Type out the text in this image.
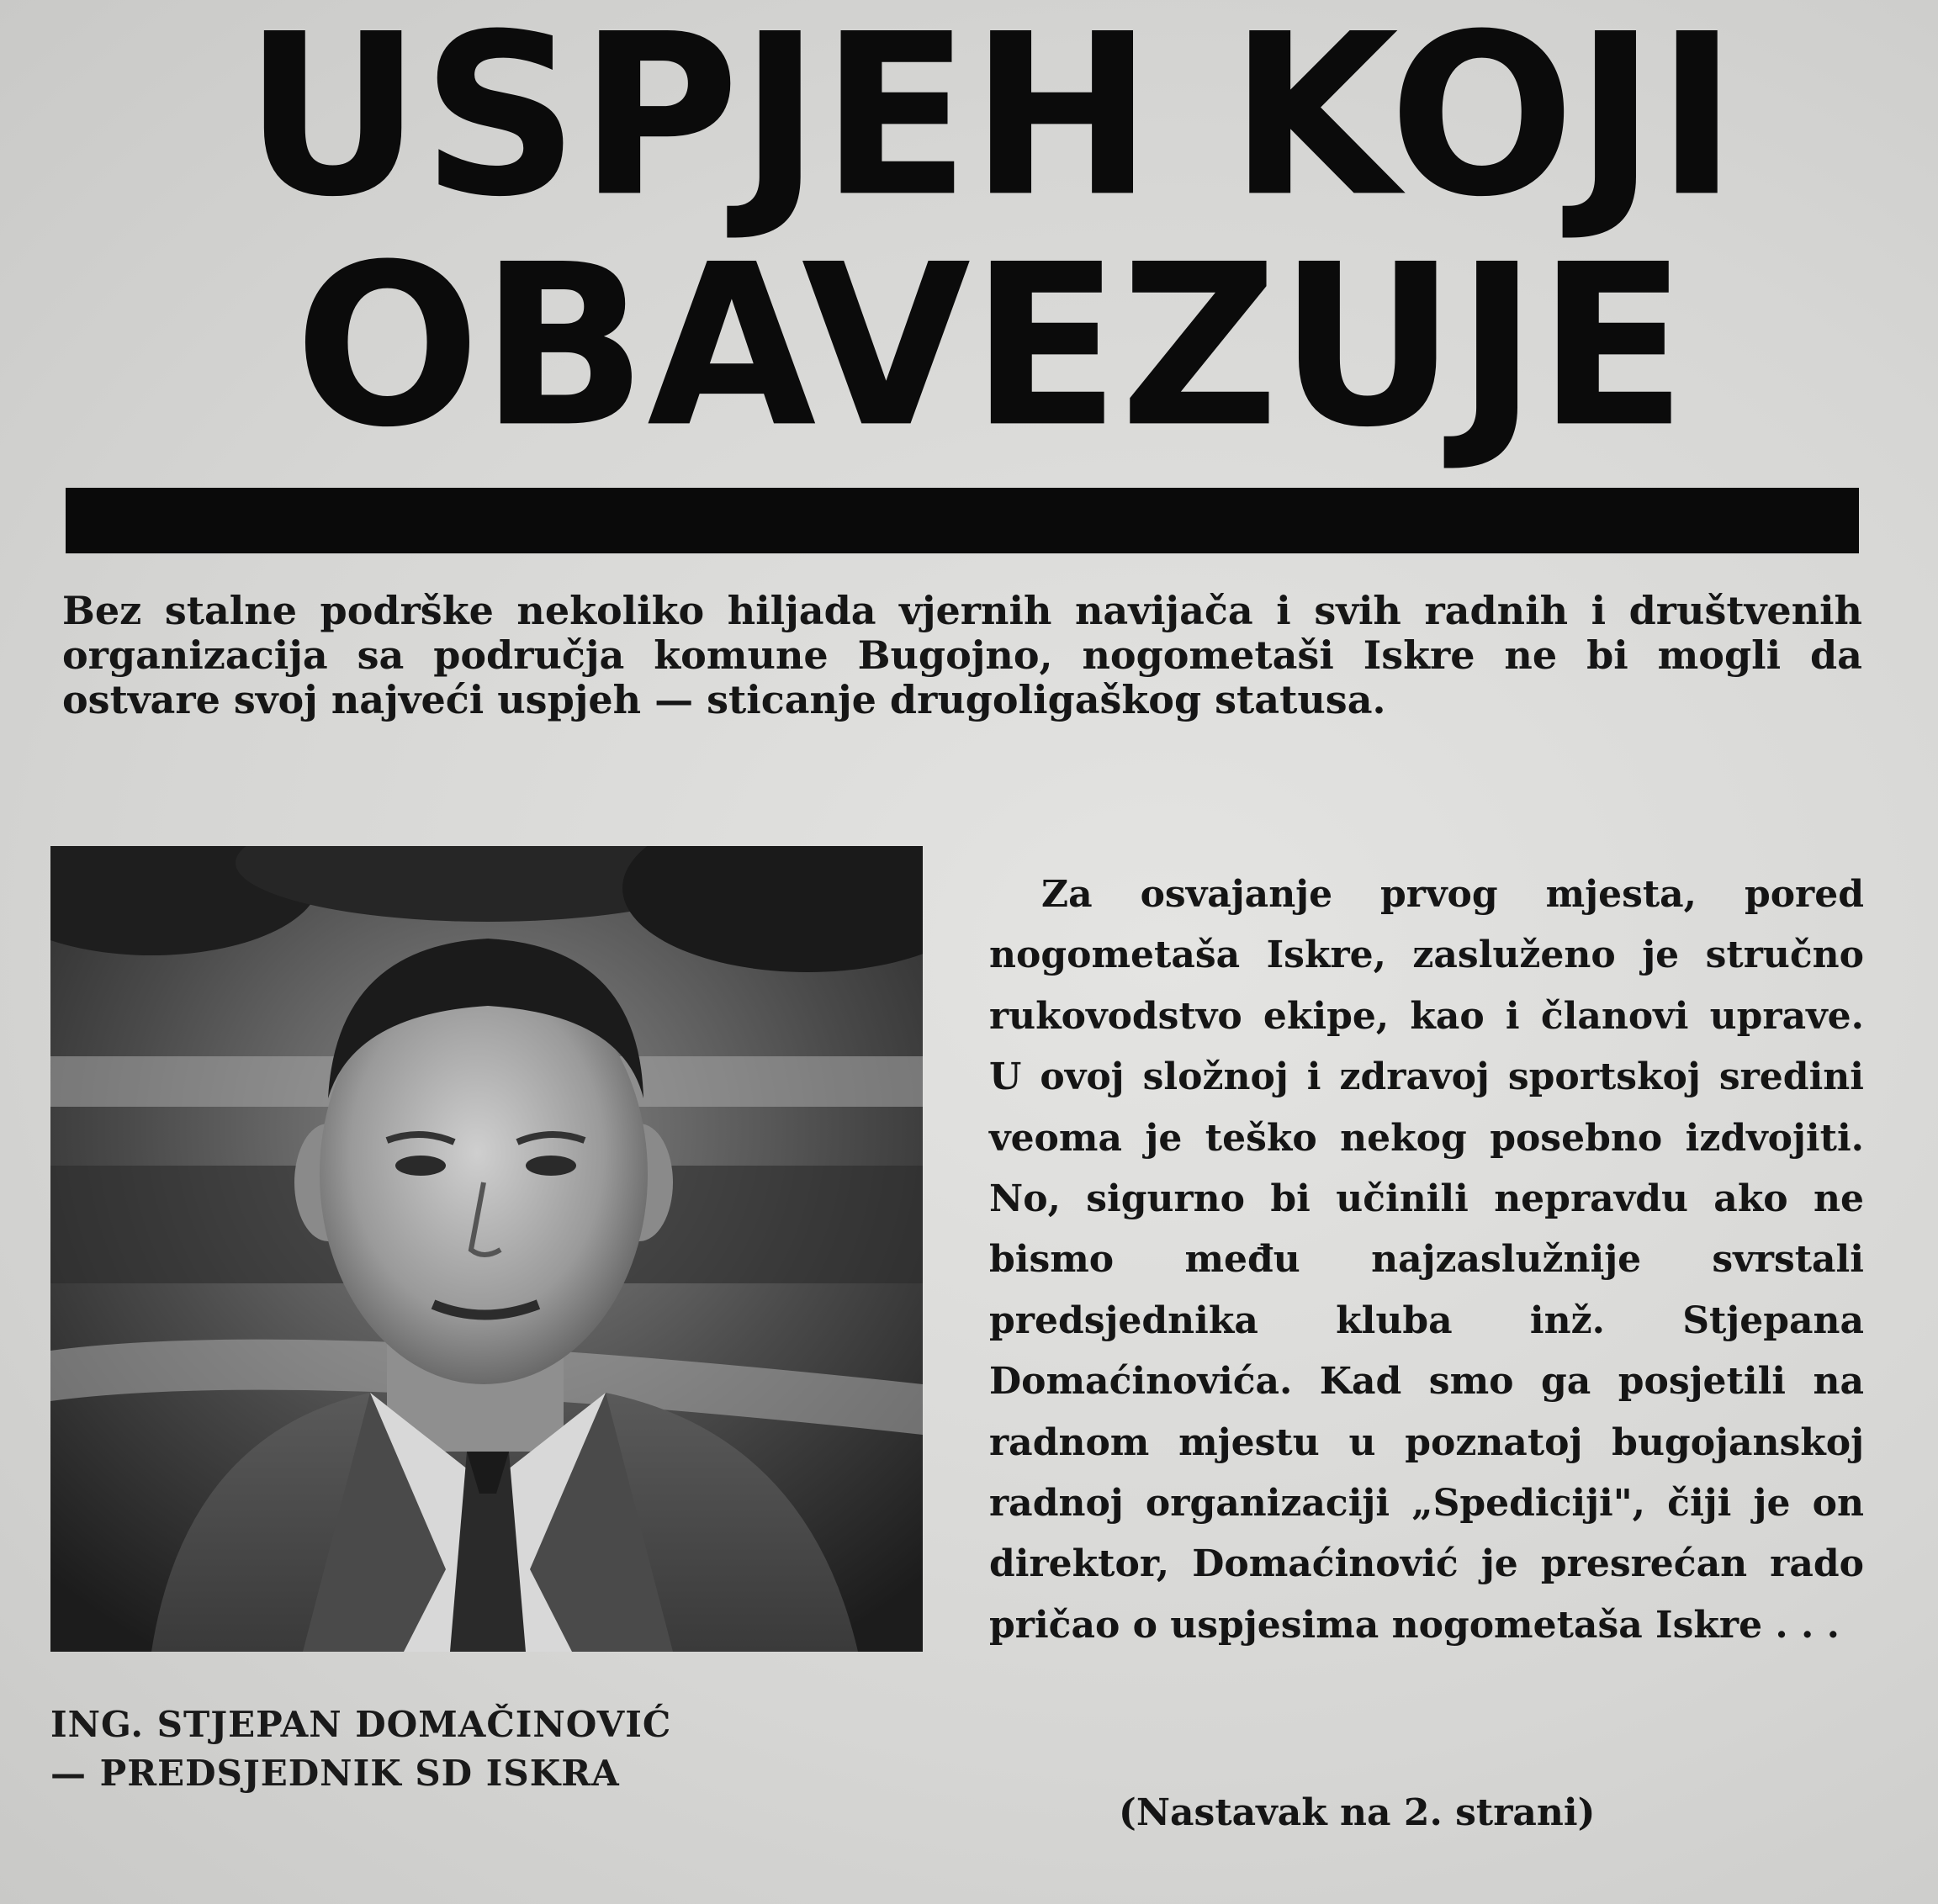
USPJEH KOJI
OBAVEZUJE

Bez stalne podrške nekoliko hiljada vjernih navijača i svih radnih i društvenih organizacija sa područja komune Bugojno, nogometaši Iskre ne bi mogli da ostvare svoj najveći uspjeh — sticanje drugoligaškog statusa.

ING. STJEPAN DOMAČINOVIĆ
— PREDSJEDNIK SD ISKRA

Za osvajanje prvog mjesta, pored nogometaša Iskre, zasluženo je stručno rukovodstvo ekipe, kao i članovi uprave. U ovoj složnoj i zdravoj sportskoj sredini veoma je teško nekog posebno izdvojiti. No, sigurno bi učinili nepravdu ako ne bismo među najzaslužnije svrstali predsjednika kluba inž. Stjepana Domaćinovića. Kad smo ga posjetili na radnom mjestu u poznatoj bugojanskoj radnoj organizaciji „Spediciji", čiji je on direktor, Domaćinović je presrećan rado pričao o uspjesima nogometaša Iskre . . .

(Nastavak na 2. strani)
